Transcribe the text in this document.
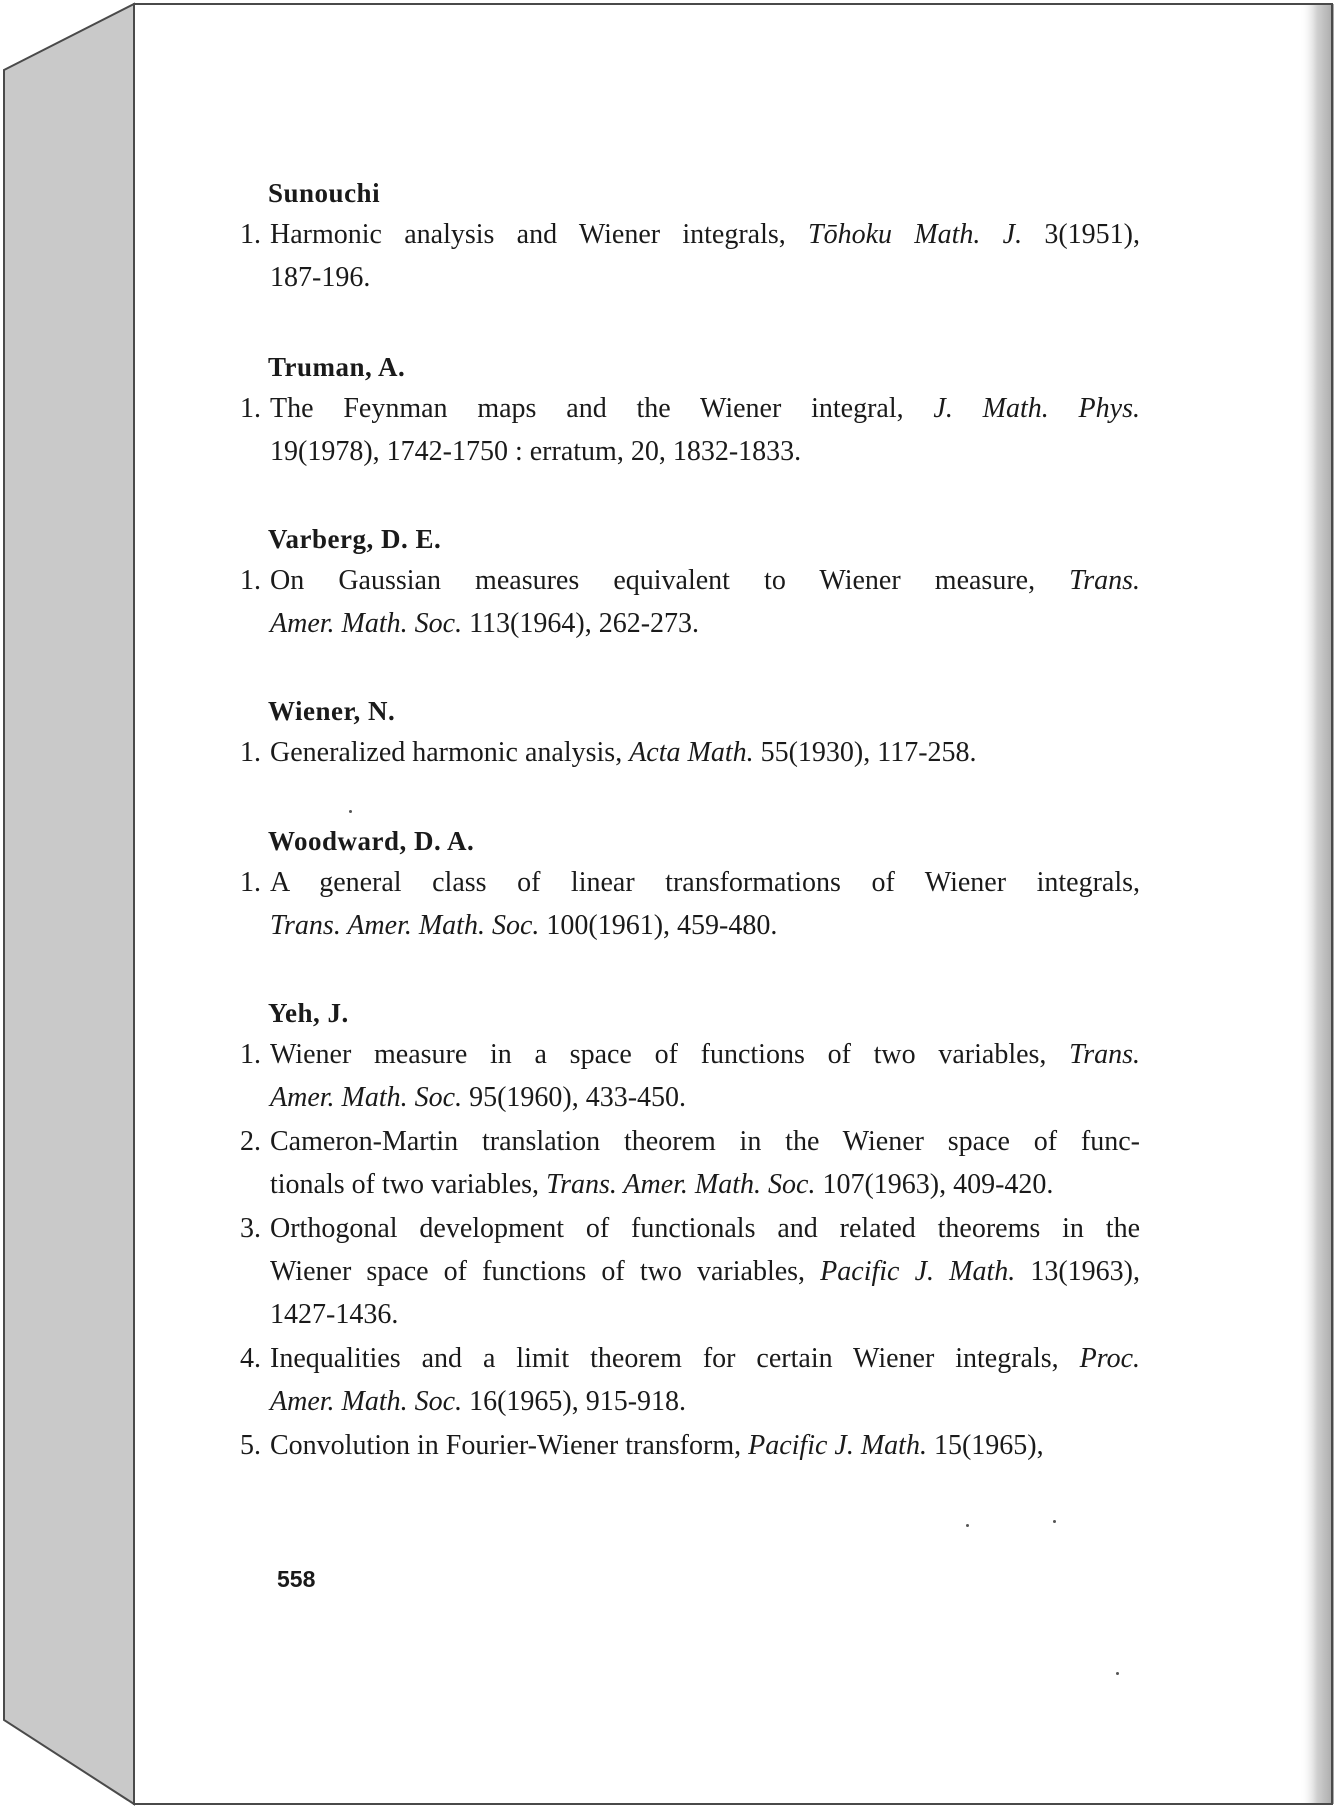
Sunouchi
1. Harmonic analysis and Wiener integrals, Tōhoku Math. J. 3(1951),
187-196.
Truman, A.
1. The Feynman maps and the Wiener integral, J. Math. Phys.
19(1978), 1742-1750 : erratum, 20, 1832-1833.
Varberg, D. E.
1. On Gaussian measures equivalent to Wiener measure, Trans.
Amer. Math. Soc. 113(1964), 262-273.
Wiener, N.
1. Generalized harmonic analysis, Acta Math. 55(1930), 117-258.
Woodward, D. A.
1. A general class of linear transformations of Wiener integrals,
Trans. Amer. Math. Soc. 100(1961), 459-480.
Yeh, J.
1. Wiener measure in a space of functions of two variables, Trans.
Amer. Math. Soc. 95(1960), 433-450.
2. Cameron-Martin translation theorem in the Wiener space of func-
tionals of two variables, Trans. Amer. Math. Soc. 107(1963), 409-420.
3. Orthogonal development of functionals and related theorems in the
Wiener space of functions of two variables, Pacific J. Math. 13(1963),
1427-1436.
4. Inequalities and a limit theorem for certain Wiener integrals, Proc.
Amer. Math. Soc. 16(1965), 915-918.
5. Convolution in Fourier-Wiener transform, Pacific J. Math. 15(1965),
558
